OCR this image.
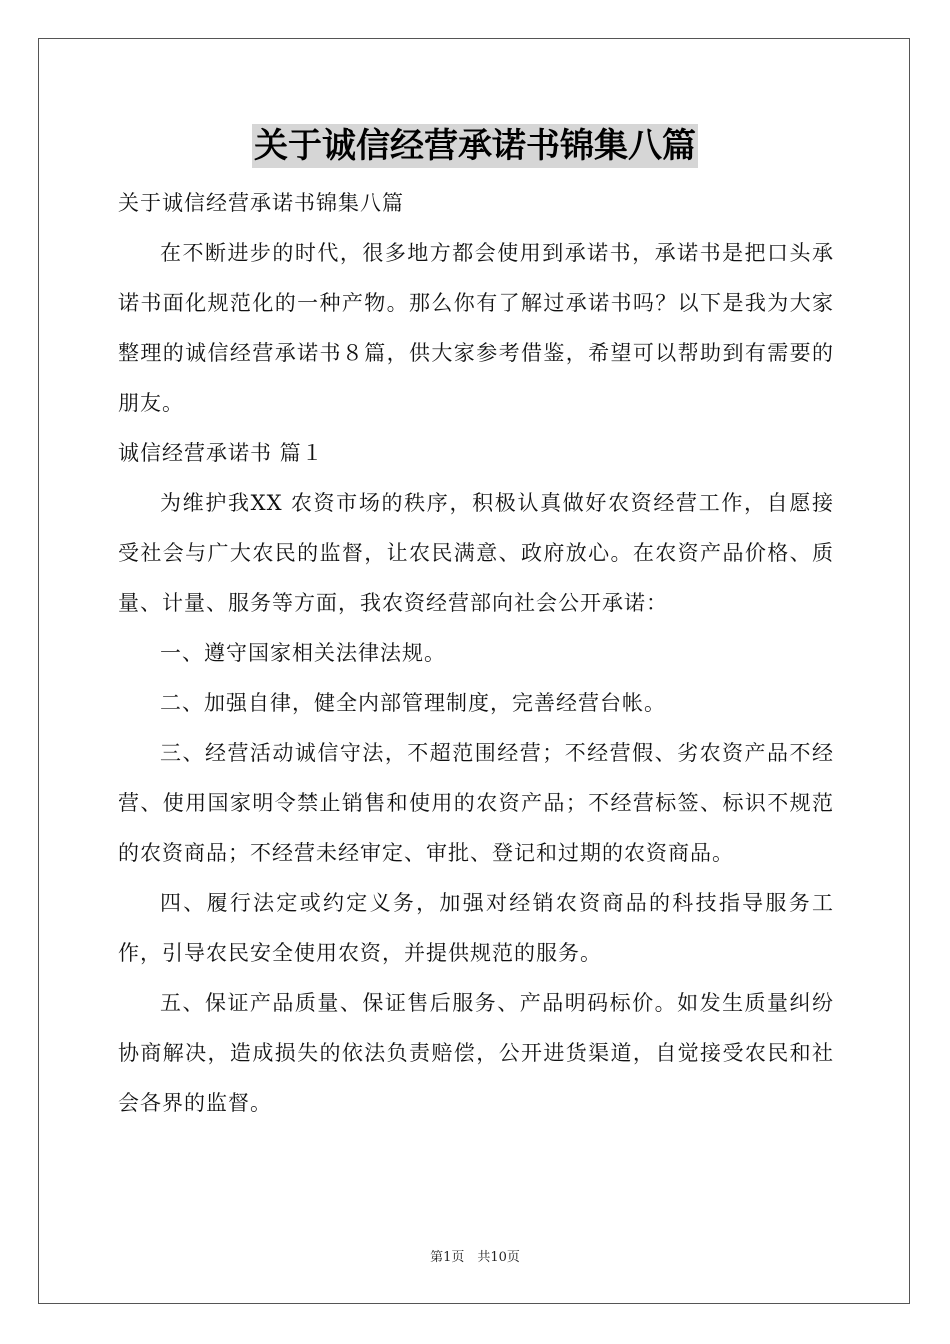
关于诚信经营承诺书锦集八篇

关于诚信经营承诺书锦集八篇

在不断进步的时代，很多地方都会使用到承诺书，承诺书是把口头承诺书面化规范化的一种产物。那么你有了解过承诺书吗？以下是我为大家整理的诚信经营承诺书８篇，供大家参考借鉴，希望可以帮助到有需要的朋友。

诚信经营承诺书 篇１

为维护我XX 农资市场的秩序，积极认真做好农资经营工作，自愿接受社会与广大农民的监督，让农民满意、政府放心。在农资产品价格、质量、计量、服务等方面，我农资经营部向社会公开承诺：

一、遵守国家相关法律法规。

二、加强自律，健全内部管理制度，完善经营台帐。

三、经营活动诚信守法，不超范围经营；不经营假、劣农资产品不经营、使用国家明令禁止销售和使用的农资产品；不经营标签、标识不规范的农资商品；不经营未经审定、审批、登记和过期的农资商品。

四、履行法定或约定义务，加强对经销农资商品的科技指导服务工作，引导农民安全使用农资，并提供规范的服务。

五、保证产品质量、保证售后服务、产品明码标价。如发生质量纠纷协商解决，造成损失的依法负责赔偿，公开进货渠道，自觉接受农民和社会各界的监督。

第1页　共10页
